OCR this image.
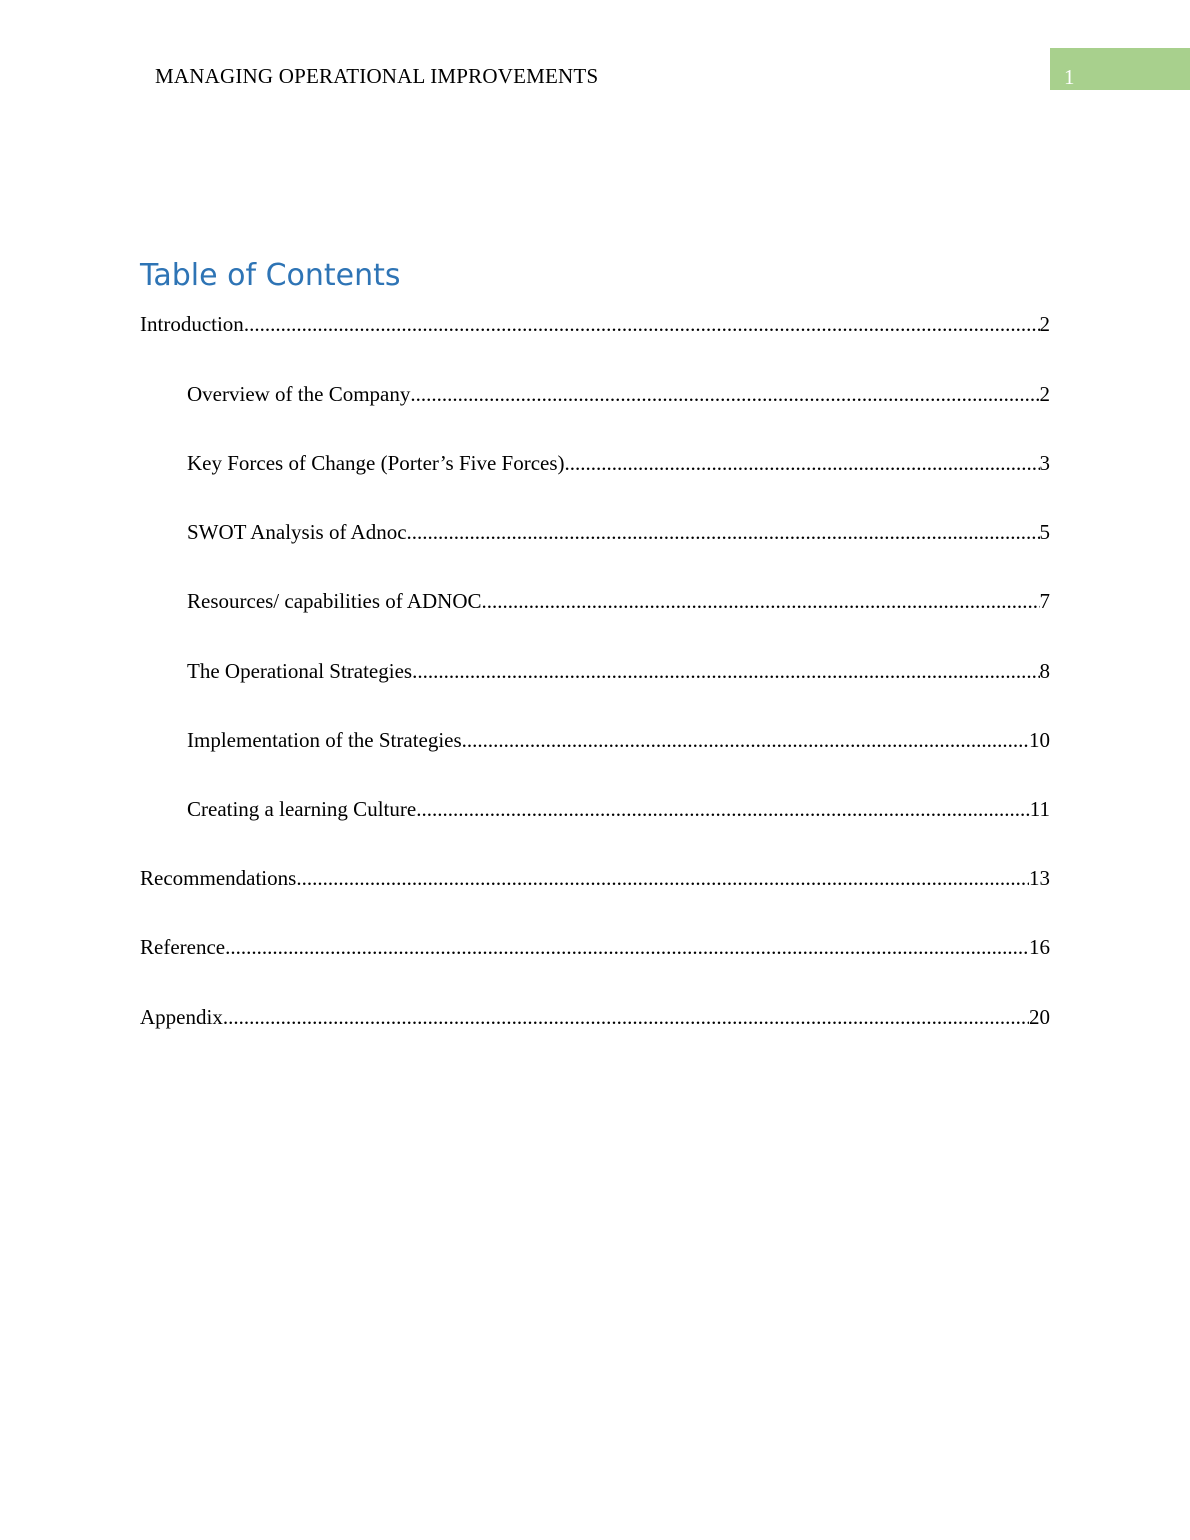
MANAGING OPERATIONAL IMPROVEMENTS	1
Table of Contents
Introduction .....	2
Overview of the Company .....	2
Key Forces of Change (Porter’s Five Forces) .....	3
SWOT Analysis of Adnoc .....	5
Resources/ capabilities of ADNOC .....	7
The Operational Strategies .....	8
Implementation of the Strategies .....	10
Creating a learning Culture .....	11
Recommendations .....	13
Reference .....	16
Appendix .....	20
